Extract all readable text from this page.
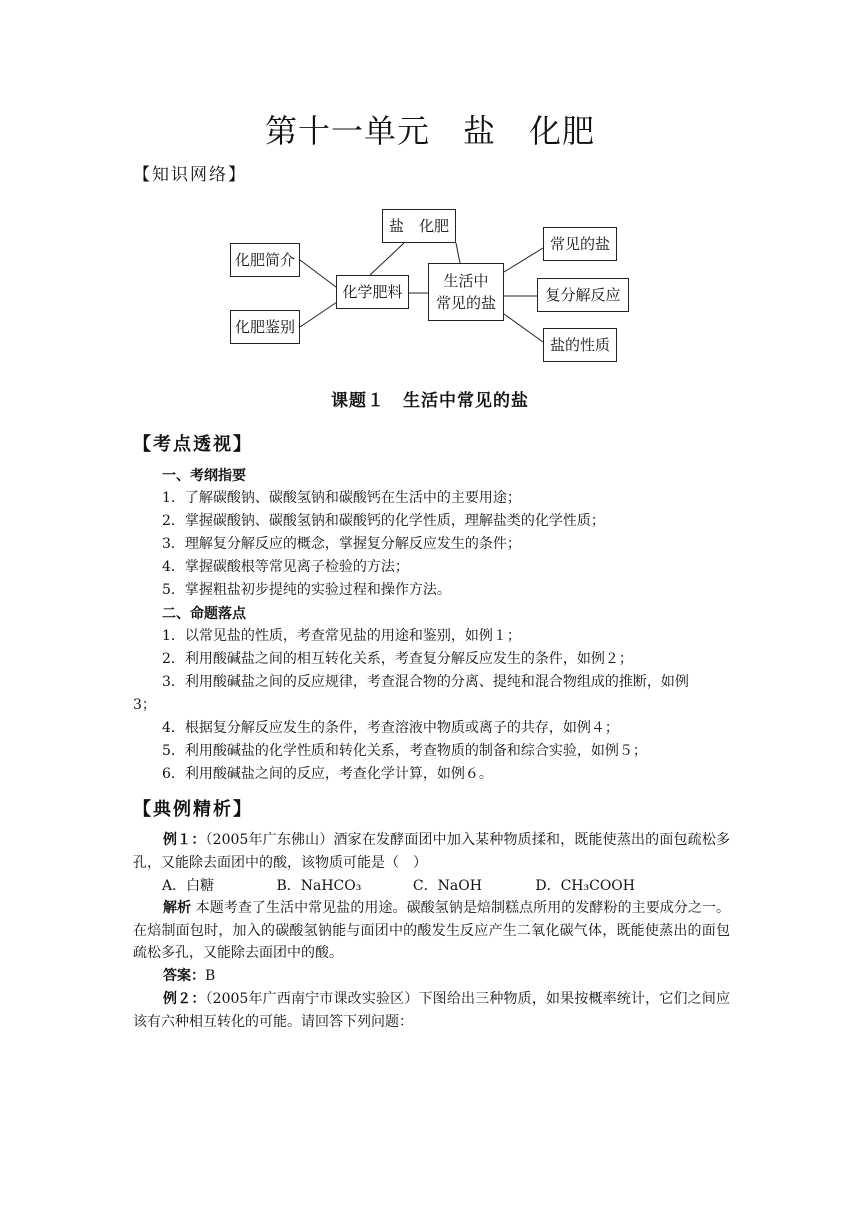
第十一单元　盐　化肥
【知识网络】
盐　化肥
化肥简介
化学肥料
化肥鉴别
生活中
常见的盐
常见的盐
复分解反应
盐的性质
课题１　生活中常见的盐
【考点透视】
一、考纲指要
1．了解碳酸钠、碳酸氢钠和碳酸钙在生活中的主要用途；
2．掌握碳酸钠、碳酸氢钠和碳酸钙的化学性质，理解盐类的化学性质；
3．理解复分解反应的概念，掌握复分解反应发生的条件；
4．掌握碳酸根等常见离子检验的方法；
5．掌握粗盐初步提纯的实验过程和操作方法。
二、命题落点
1．以常见盐的性质，考查常见盐的用途和鉴别，如例１；
2．利用酸碱盐之间的相互转化关系，考查复分解反应发生的条件，如例２；
3．利用酸碱盐之间的反应规律，考查混合物的分离、提纯和混合物组成的推断，如例
3；
4．根据复分解反应发生的条件，考查溶液中物质或离子的共存，如例４；
5．利用酸碱盐的化学性质和转化关系，考查物质的制备和综合实验，如例５；
6．利用酸碱盐之间的反应，考查化学计算，如例６。
【典例精析】
例１：（2005年广东佛山）酒家在发酵面团中加入某种物质揉和，既能使蒸出的面包疏松多孔，又能除去面团中的酸，该物质可能是（　）
A．白糖	B．NaHCO₃	C．NaOH	D．CH₃COOH
解析 本题考查了生活中常见盐的用途。碳酸氢钠是焙制糕点所用的发酵粉的主要成分之一。在焙制面包时，加入的碳酸氢钠能与面团中的酸发生反应产生二氧化碳气体，既能使蒸出的面包疏松多孔，又能除去面团中的酸。
答案：B
例２：（2005年广西南宁市课改实验区）下图给出三种物质，如果按概率统计，它们之间应该有六种相互转化的可能。请回答下列问题：
